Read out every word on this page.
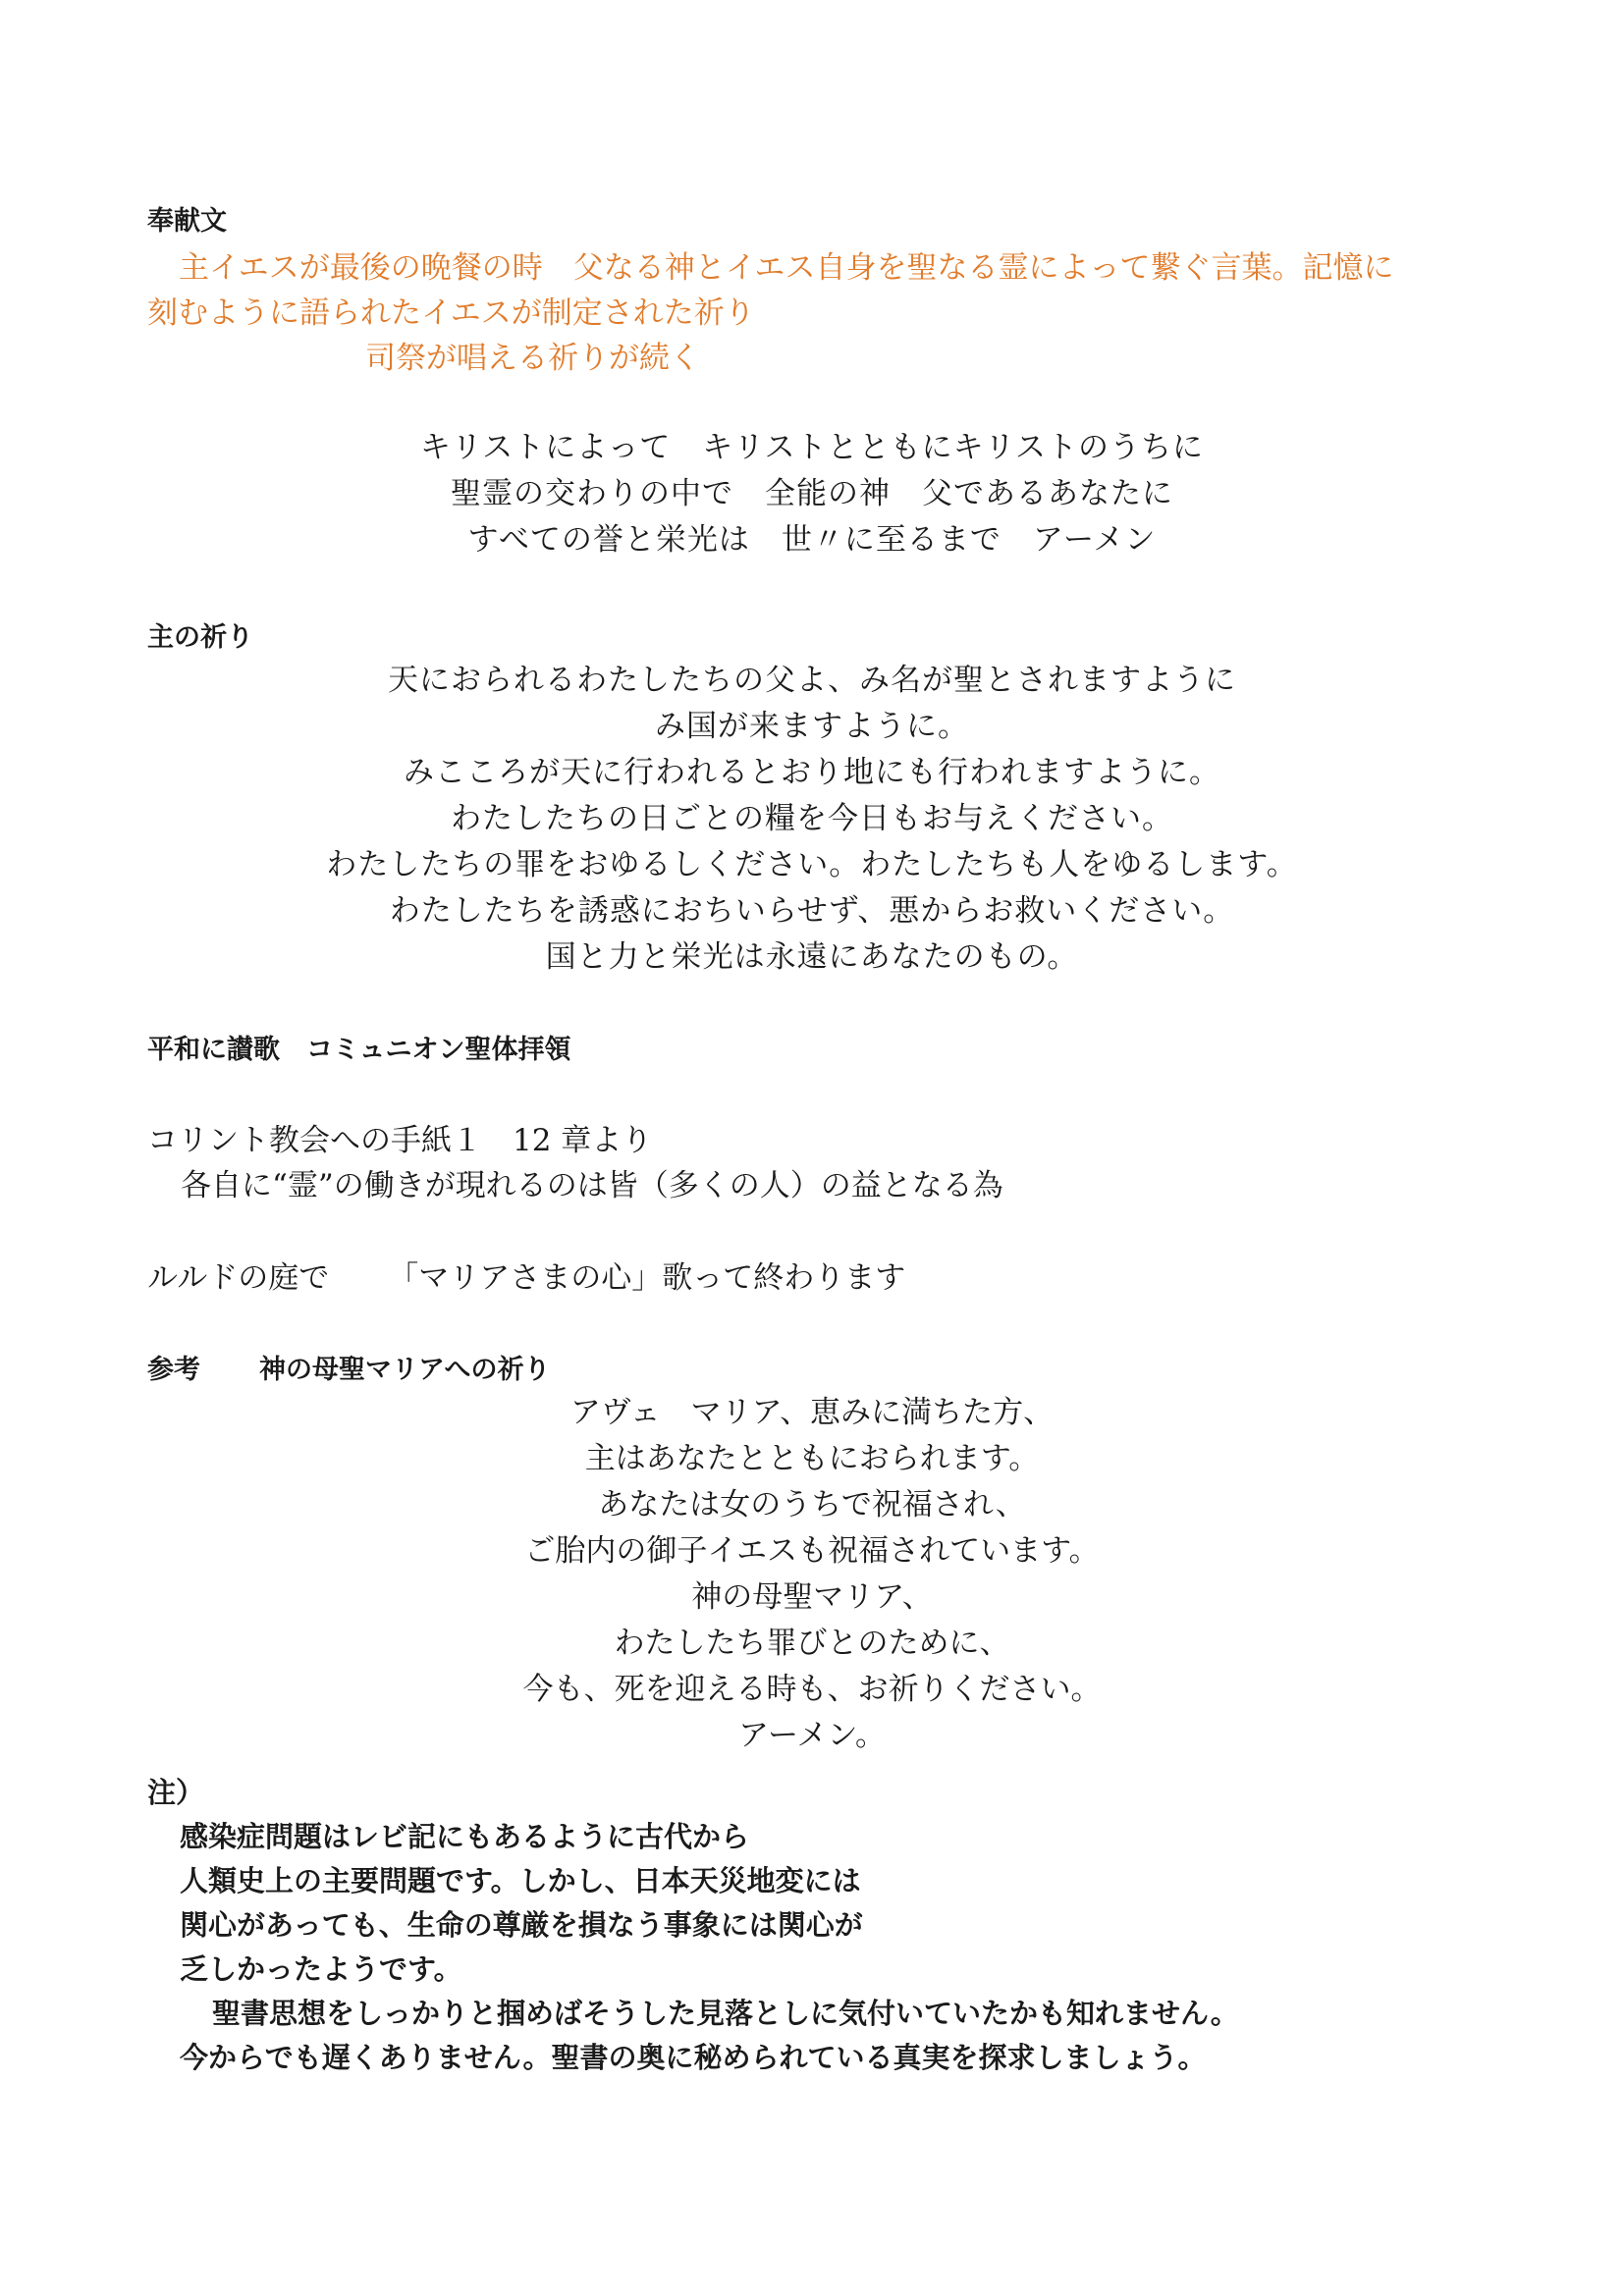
奉献文
主イエスが最後の晩餐の時　父なる神とイエス自身を聖なる霊によって繋ぐ言葉。記憶に
刻むように語られたイエスが制定された祈り
司祭が唱える祈りが続く
キリストによって　キリストとともにキリストのうちに
聖霊の交わりの中で　全能の神　父であるあなたに
すべての誉と栄光は　世〃に至るまで　アーメン
主の祈り
天におられるわたしたちの父よ、み名が聖とされますように
み国が来ますように。
みこころが天に行われるとおり地にも行われますように。
わたしたちの日ごとの糧を今日もお与えください。
わたしたちの罪をおゆるしください。わたしたちも人をゆるします。
わたしたちを誘惑におちいらせず、悪からお救いください。
国と力と栄光は永遠にあなたのもの。
平和に讃歌　コミュニオン聖体拝領
コリント教会への手紙１　12 章より
各自に“霊”の働きが現れるのは皆（多くの人）の益となる為
ルルドの庭で 「マリアさまの心」歌って終わります
参考 神の母聖マリアへの祈り
アヴェ　マリア、恵みに満ちた方、
主はあなたとともにおられます。
あなたは女のうちで祝福され、
ご胎内の御子イエスも祝福されています。
神の母聖マリア、
わたしたち罪びとのために、
今も、死を迎える時も、お祈りください。
アーメン。
注）
感染症問題はレビ記にもあるように古代から
人類史上の主要問題です。しかし、日本天災地変には
関心があっても、生命の尊厳を損なう事象には関心が
乏しかったようです。
聖書思想をしっかりと掴めばそうした見落としに気付いていたかも知れません。
今からでも遅くありません。聖書の奥に秘められている真実を探求しましょう。
